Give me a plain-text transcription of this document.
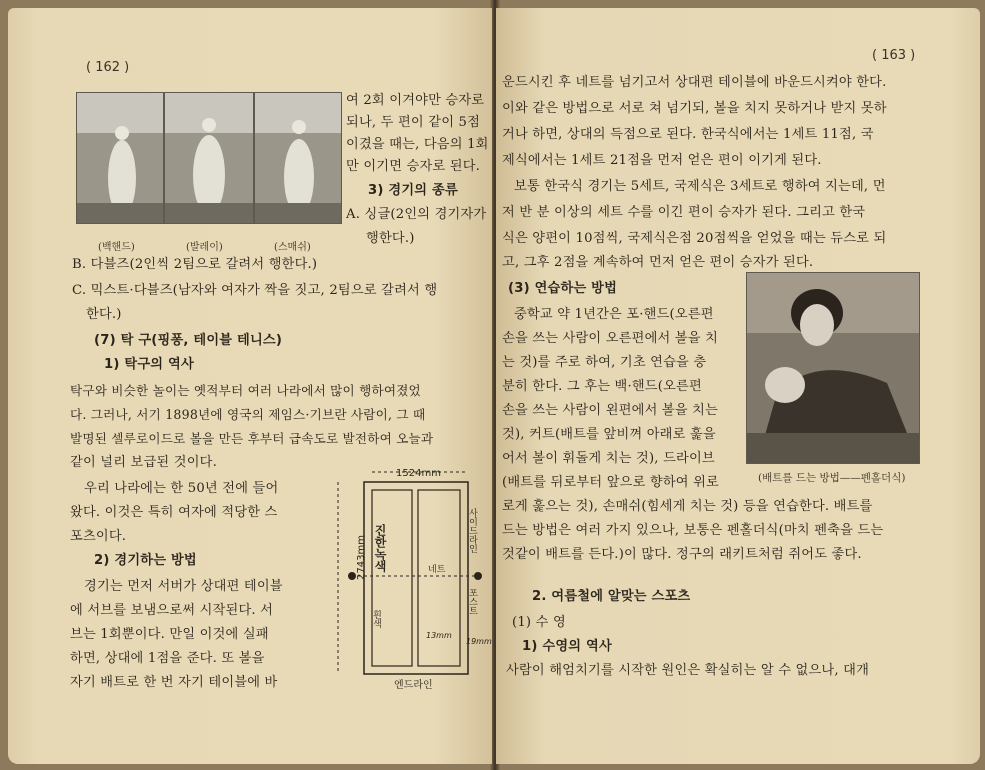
( 162 )
(백핸드)	(발레이)	(스매쉬)
여 2회 이겨야만 승자로
되나, 두 편이 같이 5점
이겼을 때는, 다음의 1회
만 이기면 승자로 된다.
3) 경기의 종류
A. 싱글(2인의 경기자가
행한다.)
B. 다블즈(2인씩 2팀으로 갈려서 행한다.)
C. 믹스트·다블즈(남자와 여자가 짝을 짓고, 2팀으로 갈려서 행
한다.)
(7) 탁 구(핑퐁, 테이블 테니스)
1) 탁구의 역사
탁구와 비슷한 놀이는 옛적부터 여러 나라에서 많이 행하여졌었
다. 그러나, 서기 1898년에 영국의 제임스·기브란 사람이, 그 때
발명된 셀루로이드로 볼을 만든 후부터 급속도로 발전하여 오늘과
같이 널리 보급된 것이다.
우리 나라에는 한 50년 전에 들어
왔다. 이것은 특히 여자에 적당한 스
포츠이다.
2) 경기하는 방법
경기는 먼저 서버가 상대편 테이블
에 서브를 보냄으로써 시작된다. 서
브는 1회뿐이다. 만일 이것에 실패
하면, 상대에 1점을 준다. 또 볼을
자기 배트로 한 번 자기 테이블에 바
1524mm
2743mm 진한녹색
흰색
네트
사이드라인
포스트
13mm
19mm
엔드라인
( 163 )
운드시킨 후 네트를 넘기고서 상대편 테이블에 바운드시켜야 한다.
이와 같은 방법으로 서로 쳐 넘기되, 볼을 치지 못하거나 받지 못하
거나 하면, 상대의 득점으로 된다. 한국식에서는 1세트 11점, 국
제식에서는 1세트 21점을 먼저 얻은 편이 이기게 된다.
보통 한국식 경기는 5세트, 국제식은 3세트로 행하여 지는데, 먼
저 반 분 이상의 세트 수를 이긴 편이 승자가 된다. 그리고 한국
식은 양편이 10점씩, 국제식은점 20점씩을 얻었을 때는 듀스로 되
고, 그후 2점을 계속하여 먼저 얻은 편이 승자가 된다.
(3) 연습하는 방법
중학교 약 1년간은 포·핸드(오른편
손을 쓰는 사람이 오른편에서 볼을 치
는 것)를 주로 하여, 기초 연습을 충
분히 한다. 그 후는 백·핸드(오른편
손을 쓰는 사람이 왼편에서 볼을 치는
것), 커트(배트를 앞비껴 아래로 훑을
어서 볼이 휘돌게 치는 것), 드라이브
(배트를 뒤로부터 앞으로 향하여 위로	(배트를 드는 방법——펜홀더식)
로게 훑으는 것), 손매쉬(힘세게 치는 것) 등을 연습한다. 배트를
드는 방법은 여러 가지 있으나, 보통은 펜홀더식(마치 펜축을 드는
것같이 배트를 든다.)이 많다. 정구의 래키트처럼 쥐어도 좋다.
2. 여름철에 알맞는 스포츠
(1) 수 영
1) 수영의 역사
사람이 해엄치기를 시작한 원인은 확실히는 알 수 없으나, 대개
